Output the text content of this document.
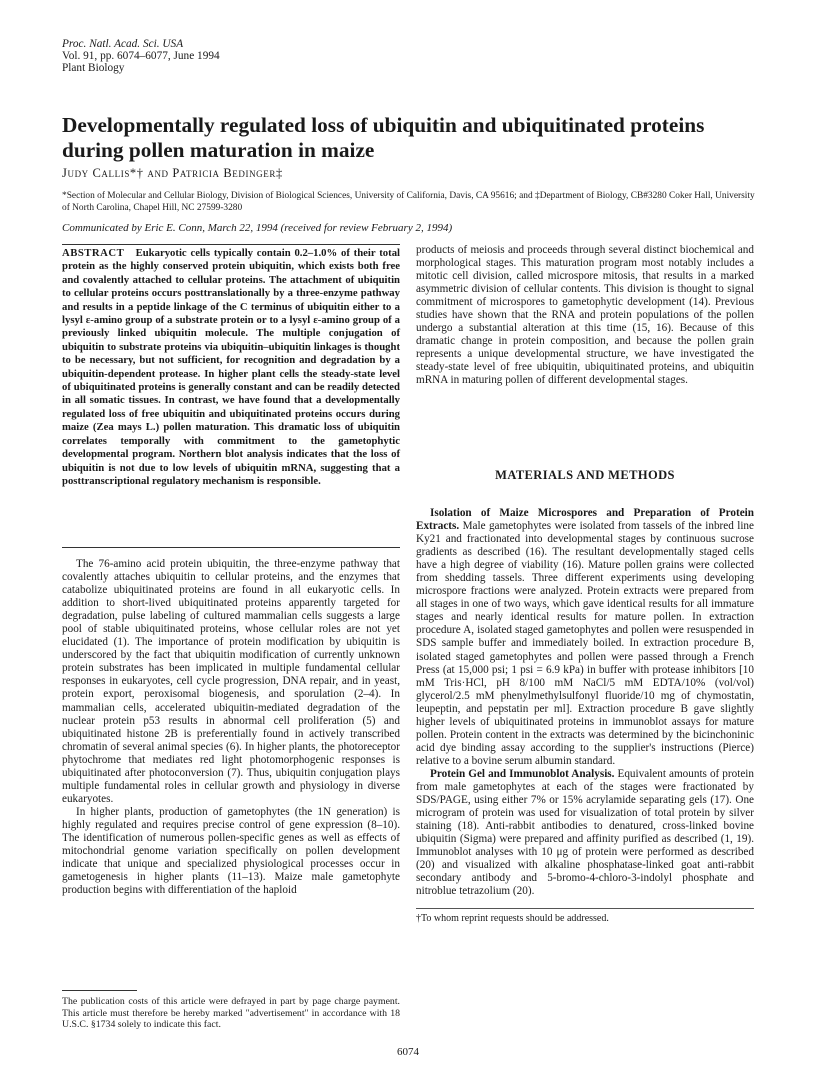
Proc. Natl. Acad. Sci. USA
Vol. 91, pp. 6074–6077, June 1994
Plant Biology
Developmentally regulated loss of ubiquitin and ubiquitinated proteins during pollen maturation in maize
Judy Callis*† and Patricia Bedinger‡
*Section of Molecular and Cellular Biology, Division of Biological Sciences, University of California, Davis, CA 95616; and ‡Department of Biology, CB#3280 Coker Hall, University of North Carolina, Chapel Hill, NC 27599-3280
Communicated by Eric E. Conn, March 22, 1994 (received for review February 2, 1994)
ABSTRACT Eukaryotic cells typically contain 0.2–1.0% of their total protein as the highly conserved protein ubiquitin, which exists both free and covalently attached to cellular proteins. The attachment of ubiquitin to cellular proteins occurs posttranslationally by a three-enzyme pathway and results in a peptide linkage of the C terminus of ubiquitin either to a lysyl ε-amino group of a substrate protein or to a lysyl ε-amino group of a previously linked ubiquitin molecule. The multiple conjugation of ubiquitin to substrate proteins via ubiquitin–ubiquitin linkages is thought to be necessary, but not sufficient, for recognition and degradation by a ubiquitin-dependent protease. In higher plant cells the steady-state level of ubiquitinated proteins is generally constant and can be readily detected in all somatic tissues. In contrast, we have found that a developmentally regulated loss of free ubiquitin and ubiquitinated proteins occurs during maize (Zea mays L.) pollen maturation. This dramatic loss of ubiquitin correlates temporally with commitment to the gametophytic developmental program. Northern blot analysis indicates that the loss of ubiquitin is not due to low levels of ubiquitin mRNA, suggesting that a posttranscriptional regulatory mechanism is responsible.

The 76-amino acid protein ubiquitin, the three-enzyme pathway that covalently attaches ubiquitin to cellular proteins, and the enzymes that catabolize ubiquitinated proteins are found in all eukaryotic cells. In addition to short-lived ubiquitinated proteins apparently targeted for degradation, pulse labeling of cultured mammalian cells suggests a large pool of stable ubiquitinated proteins, whose cellular roles are not yet elucidated (1). The importance of protein modification by ubiquitin is underscored by the fact that ubiquitin modification of currently unknown protein substrates has been implicated in multiple fundamental cellular responses in eukaryotes, cell cycle progression, DNA repair, and in yeast, protein export, peroxisomal biogenesis, and sporulation (2–4). In mammalian cells, accelerated ubiquitin-mediated degradation of the nuclear protein p53 results in abnormal cell proliferation (5) and ubiquitinated histone 2B is preferentially found in actively transcribed chromatin of several animal species (6). In higher plants, the photoreceptor phytochrome that mediates red light photomorphogenic responses is ubiquitinated after photoconversion (7). Thus, ubiquitin conjugation plays multiple fundamental roles in cellular growth and physiology in diverse eukaryotes.

In higher plants, production of gametophytes (the 1N generation) is highly regulated and requires precise control of gene expression (8–10). The identification of numerous pollen-specific genes as well as effects of mitochondrial genome variation specifically on pollen development indicate that unique and specialized physiological processes occur in gametogenesis in higher plants (11–13). Maize male gametophyte production begins with differentiation of the haploid

products of meiosis and proceeds through several distinct biochemical and morphological stages. This maturation program most notably includes a mitotic cell division, called microspore mitosis, that results in a marked asymmetric division of cellular contents. This division is thought to signal commitment of microspores to gametophytic development (14). Previous studies have shown that the RNA and protein populations of the pollen undergo a substantial alteration at this time (15, 16). Because of this dramatic change in protein composition, and because the pollen grain represents a unique developmental structure, we have investigated the steady-state level of free ubiquitin, ubiquitinated proteins, and ubiquitin mRNA in maturing pollen of different developmental stages.

MATERIALS AND METHODS

Isolation of Maize Microspores and Preparation of Protein Extracts. Male gametophytes were isolated from tassels of the inbred line Ky21 and fractionated into developmental stages by continuous sucrose gradients as described (16). The resultant developmentally staged cells have a high degree of viability (16). Mature pollen grains were collected from shedding tassels. Three different experiments using developing microspore fractions were analyzed. Protein extracts were prepared from all stages in one of two ways, which gave identical results for all immature stages and nearly identical results for mature pollen. In extraction procedure A, isolated staged gametophytes and pollen were resuspended in SDS sample buffer and immediately boiled. In extraction procedure B, isolated staged gametophytes and pollen were passed through a French Press (at 15,000 psi; 1 psi = 6.9 kPa) in buffer with protease inhibitors [10 mM Tris·HCl, pH 8/100 mM NaCl/5 mM EDTA/10% (vol/vol) glycerol/2.5 mM phenylmethylsulfonyl fluoride/10 mg of chymostatin, leupeptin, and pepstatin per ml]. Extraction procedure B gave slightly higher levels of ubiquitinated proteins in immunoblot assays for mature pollen. Protein content in the extracts was determined by the bicinchoninic acid dye binding assay according to the supplier's instructions (Pierce) relative to a bovine serum albumin standard.

Protein Gel and Immunoblot Analysis. Equivalent amounts of protein from male gametophytes at each of the stages were fractionated by SDS/PAGE, using either 7% or 15% acrylamide separating gels (17). One microgram of protein was used for visualization of total protein by silver staining (18). Anti-rabbit antibodies to denatured, cross-linked bovine ubiquitin (Sigma) were prepared and affinity purified as described (1, 19). Immunoblot analyses with 10 μg of protein were performed as described (20) and visualized with alkaline phosphatase-linked goat anti-rabbit secondary antibody and 5-bromo-4-chloro-3-indolyl phosphate and nitroblue tetrazolium (20).

The publication costs of this article were defrayed in part by page charge payment. This article must therefore be hereby marked "advertisement" in accordance with 18 U.S.C. §1734 solely to indicate this fact.
†To whom reprint requests should be addressed.
6074
